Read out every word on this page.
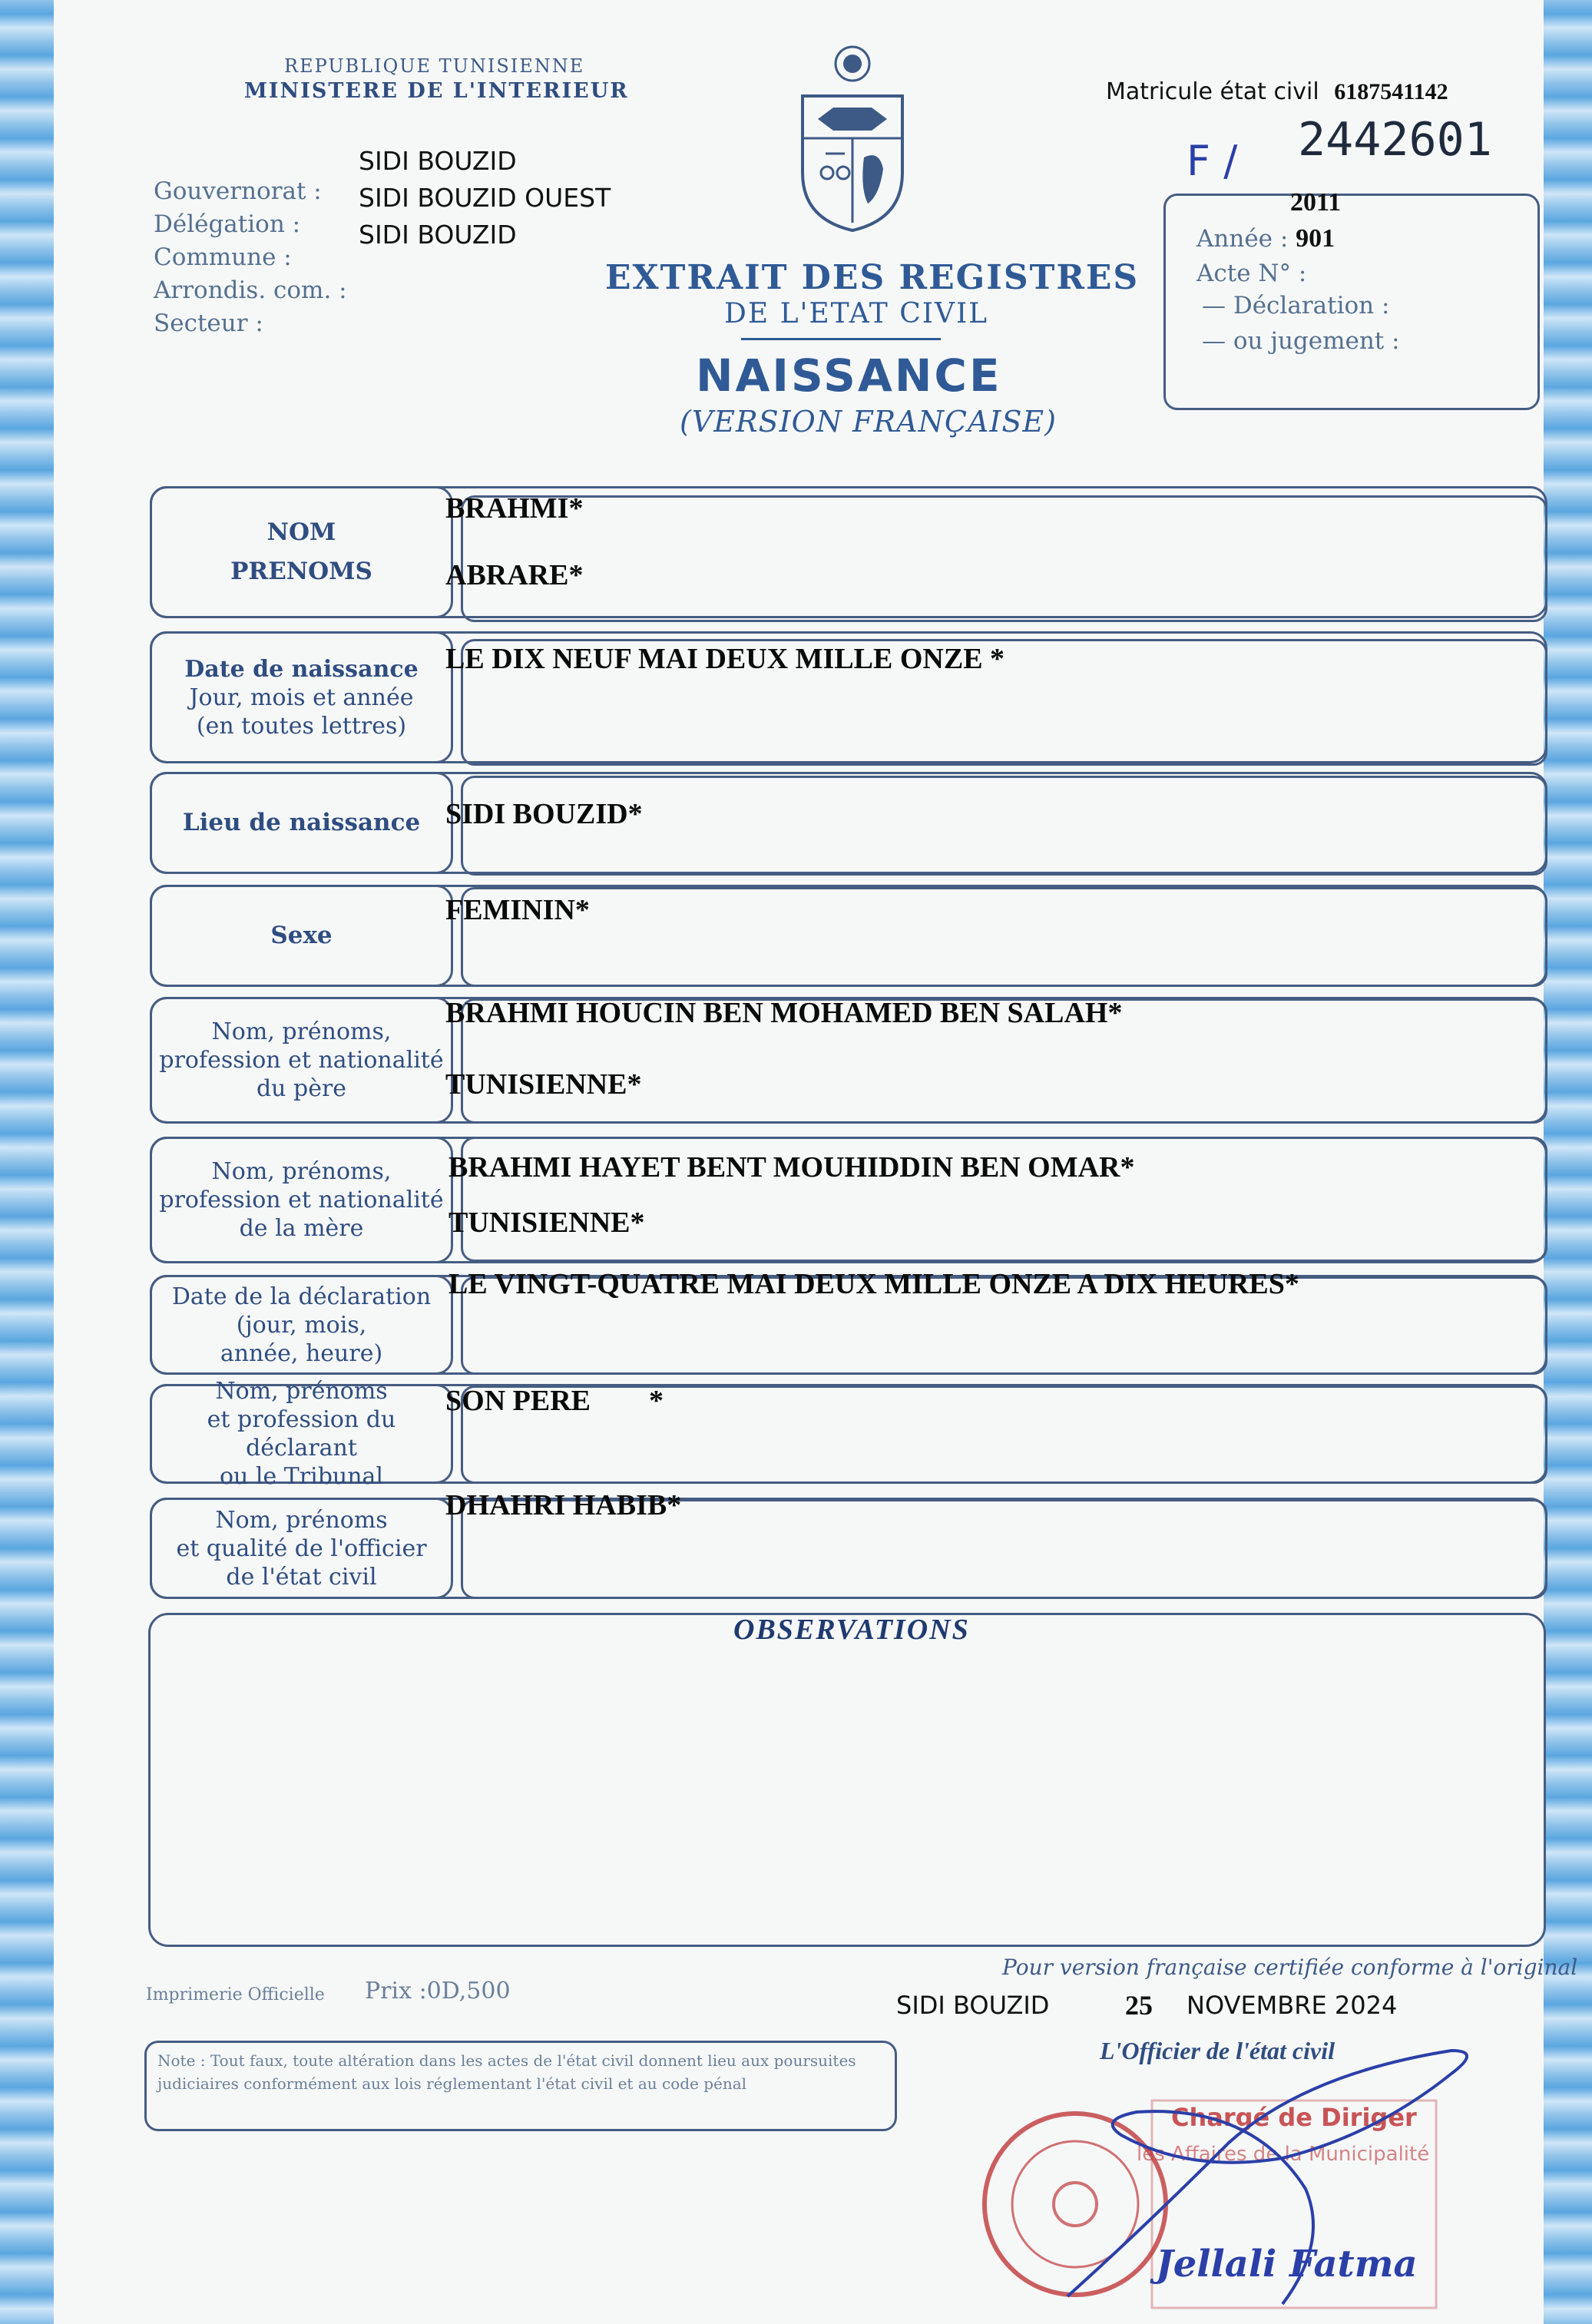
REPUBLIQUE TUNISIENNE
MINISTERE DE L'INTERIEUR
Gouvernorat :
Délégation :
Commune :
Arrondis. com. :
Secteur :
SIDI BOUZID
SIDI BOUZID OUEST
SIDI BOUZID
Matricule état civil 6187541142
F / 2442601
2011
Année : 901
Acte N° :
— Déclaration :
— ou jugement :
EXTRAIT DES REGISTRES
DE L'ETAT CIVIL
NAISSANCE
(VERSION FRANÇAISE)
NOM
PRENOMS
BRAHMI*
ABRARE*
Date de naissance
Jour, mois et année
(en toutes lettres)
LE DIX NEUF MAI DEUX MILLE ONZE *
Lieu de naissance SIDI BOUZID*
Sexe
FEMININ*
Nom, prénoms,
profession et nationalité
du père
BRAHMI HOUCIN BEN MOHAMED BEN SALAH*
TUNISIENNE*
Nom, prénoms,
profession et nationalité
de la mère
BRAHMI HAYET BENT MOUHIDDIN BEN OMAR*
TUNISIENNE*
Date de la déclaration
(jour, mois,
année, heure)
LE VINGT-QUATRE MAI DEUX MILLE ONZE A DIX HEURES*
Nom, prénoms
et profession du déclarant
ou le Tribunal
SON PERE *
Nom, prénoms
et qualité de l'officier
de l'état civil
DHAHRI HABIB*
OBSERVATIONS
Imprimerie Officielle Prix :0D,500
Pour version française certifiée conforme à l'original
SIDI BOUZID	25 NOVEMBRE 2024
L'Officier de l'état civil
Note : Tout faux, toute altération dans les actes de l'état civil donnent lieu aux poursuites judiciaires conformément aux lois réglementant l'état civil et au code pénal
Chargé de Diriger
les Affaires de la Municipalité
Jellali Fatma
